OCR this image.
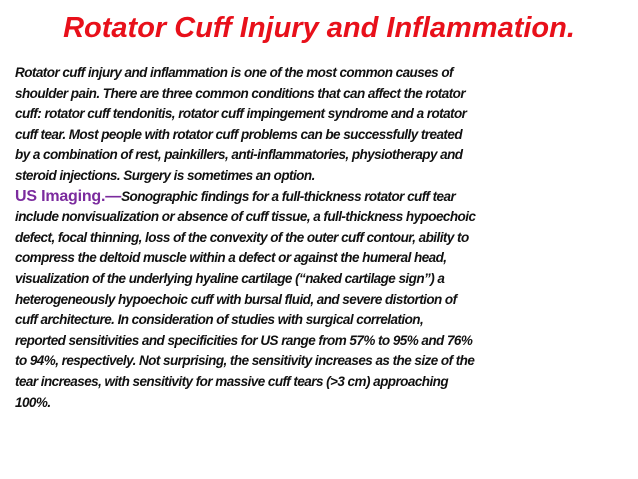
Rotator Cuff Injury and Inflammation.
Rotator cuff injury and inflammation is one of the most common causes of
shoulder pain. There are three common conditions that can affect the rotator
cuff: rotator cuff tendonitis, rotator cuff impingement syndrome and a rotator
cuff tear. Most people with rotator cuff problems can be successfully treated
by a combination of rest, painkillers, anti-inflammatories, physiotherapy and
steroid injections. Surgery is sometimes an option.
US Imaging.—Sonographic findings for a full-thickness rotator cuff tear
include nonvisualization or absence of cuff tissue, a full-thickness hypoechoic
defect, focal thinning, loss of the convexity of the outer cuff contour, ability to
compress the deltoid muscle within a defect or against the humeral head,
visualization of the underlying hyaline cartilage (“naked cartilage sign”) a
heterogeneously hypoechoic cuff with bursal fluid, and severe distortion of
cuff architecture. In consideration of studies with surgical correlation,
reported sensitivities and specificities for US range from 57% to 95% and 76%
to 94%, respectively. Not surprising, the sensitivity increases as the size of the
tear increases, with sensitivity for massive cuff tears (>3 cm) approaching
100%.
